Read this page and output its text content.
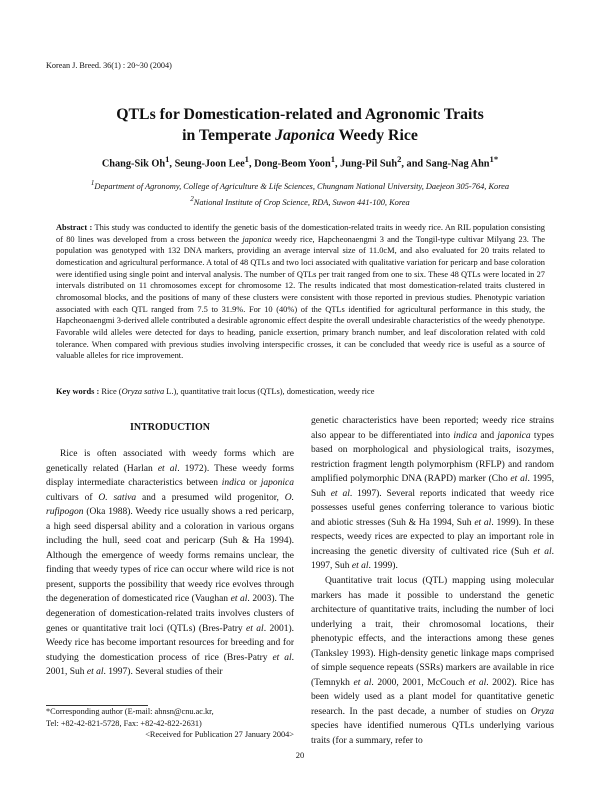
Korean J. Breed. 36(1) : 20~30 (2004)
QTLs for Domestication-related and Agronomic Traits
in Temperate Japonica Weedy Rice
Chang-Sik Oh$^1$, Seung-Joon Lee$^1$, Dong-Beom Yoon$^1$, Jung-Pil Suh$^2$, and Sang-Nag Ahn$^{1*}$
$^1$Department of Agronomy, College of Agriculture & Life Sciences, Chungnam National University, Daejeon 305-764, Korea
$^2$National Institute of Crop Science, RDA, Suwon 441-100, Korea
Abstract : This study was conducted to identify the genetic basis of the domestication-related traits in weedy rice. An RIL population consisting of 80 lines was developed from a cross between the japonica weedy rice, Hapcheonaengmi 3 and the Tongil-type cultivar Milyang 23. The population was genotyped with 132 DNA markers, providing an average interval size of 11.0cM, and also evaluated for 20 traits related to domestication and agricultural performance. A total of 48 QTLs and two loci associated with qualitative variation for pericarp and base coloration were identified using single point and interval analysis. The number of QTLs per trait ranged from one to six. These 48 QTLs were located in 27 intervals distributed on 11 chromosomes except for chromosome 12. The results indicated that most domestication-related traits clustered in chromosomal blocks, and the positions of many of these clusters were consistent with those reported in previous studies. Phenotypic variation associated with each QTL ranged from 7.5 to 31.9%. For 10 (40%) of the QTLs identified for agricultural performance in this study, the Hapcheonaengmi 3-derived allele contributed a desirable agronomic effect despite the overall undesirable characteristics of the weedy phenotype. Favorable wild alleles were detected for days to heading, panicle exsertion, primary branch number, and leaf discoloration related with cold tolerance. When compared with previous studies involving interspecific crosses, it can be concluded that weedy rice is useful as a source of valuable alleles for rice improvement.
Key words : Rice (Oryza sativa L.), quantitative trait locus (QTLs), domestication, weedy rice
INTRODUCTION

Rice is often associated with weedy forms which are genetically related (Harlan et al. 1972). These weedy forms display intermediate characteristics between indica or japonica cultivars of O. sativa and a presumed wild progenitor, O. rufipogon (Oka 1988). Weedy rice usually shows a red pericarp, a high seed dispersal ability and a coloration in various organs including the hull, seed coat and pericarp (Suh & Ha 1994). Although the emergence of weedy forms remains unclear, the finding that weedy types of rice can occur where wild rice is not present, supports the possibility that weedy rice evolves through the degeneration of domesticated rice (Vaughan et al. 2003). The degeneration of domestication-related traits involves clusters of genes or quantitative trait loci (QTLs) (Bres-Patry et al. 2001). Weedy rice has become important resources for breeding and for studying the domestication process of rice (Bres-Patry et al. 2001, Suh et al. 1997). Several studies of their

genetic characteristics have been reported; weedy rice strains also appear to be differentiated into indica and japonica types based on morphological and physiological traits, isozymes, restriction fragment length polymorphism (RFLP) and random amplified polymorphic DNA (RAPD) marker (Cho et al. 1995, Suh et al. 1997). Several reports indicated that weedy rice possesses useful genes conferring tolerance to various biotic and abiotic stresses (Suh & Ha 1994, Suh et al. 1999). In these respects, weedy rices are expected to play an important role in increasing the genetic diversity of cultivated rice (Suh et al. 1997, Suh et al. 1999).

Quantitative trait locus (QTL) mapping using molecular markers has made it possible to understand the genetic architecture of quantitative traits, including the number of loci underlying a trait, their chromosomal locations, their phenotypic effects, and the interactions among these genes (Tanksley 1993). High-density genetic linkage maps comprised of simple sequence repeats (SSRs) markers are available in rice (Temnykh et al. 2000, 2001, McCouch et al. 2002). Rice has been widely used as a plant model for quantitative genetic research. In the past decade, a number of studies on Oryza species have identified numerous QTLs underlying various traits (for a summary, refer to

*Corresponding author (E-mail: ahnsn@cnu.ac.kr,
Tel: +82-42-821-5728, Fax: +82-42-822-2631)
<Received for Publication 27 January 2004>
20
